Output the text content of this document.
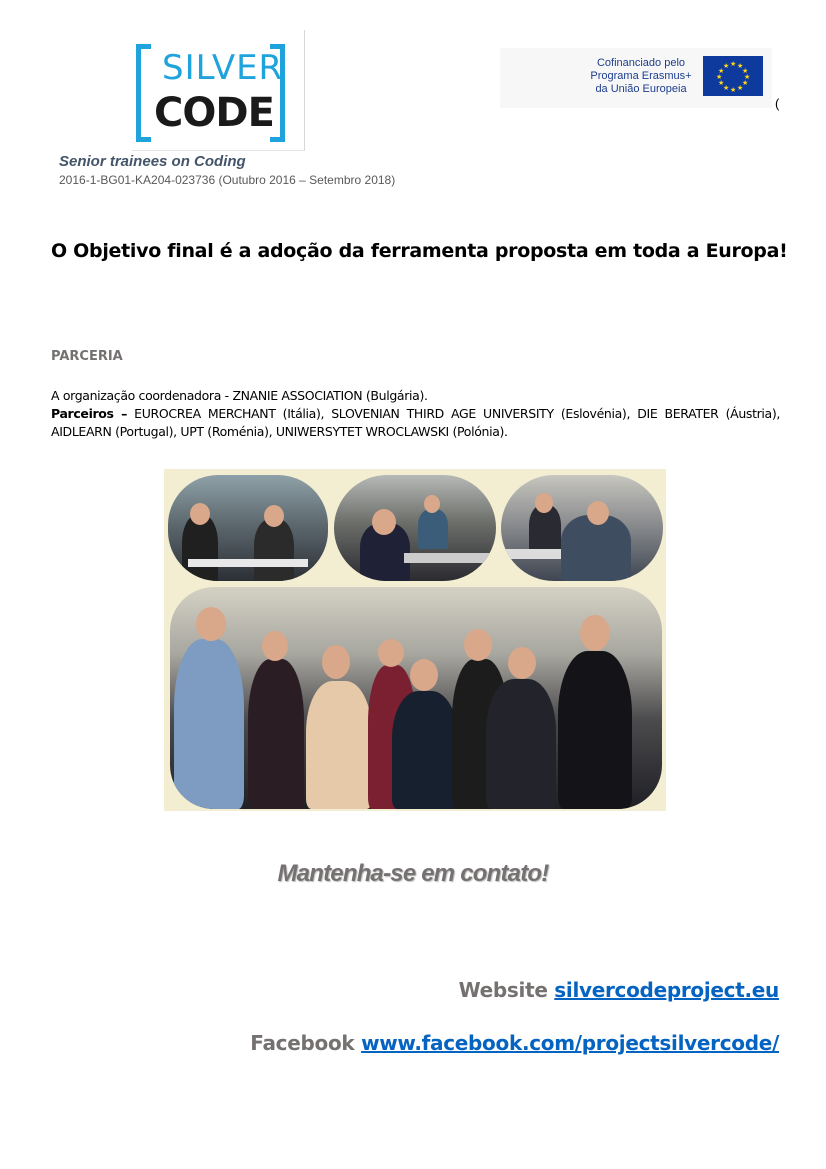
SILVER
CODE
Cofinanciado pelo
Programa Erasmus+
da União Europeia
★ ★
★
★
★
★
★
★
★
★
★
★
(
Senior trainees on Coding
2016-1-BG01-KA204-023736 (Outubro 2016 – Setembro 2018)
O Objetivo final é a adoção da ferramenta proposta em toda a Europa!
PARCERIA
A organização coordenadora - ZNANIE ASSOCIATION (Bulgária).
Parceiros – EUROCREA MERCHANT (Itália), SLOVENIAN THIRD AGE UNIVERSITY (Eslovénia), DIE BERATER (Áustria), AIDLEARN (Portugal), UPT (Roménia), UNIWERSYTET WROCLAWSKI (Polónia).
Mantenha-se em contato!
Website silvercodeproject.eu
Facebook www.facebook.com/projectsilvercode/
